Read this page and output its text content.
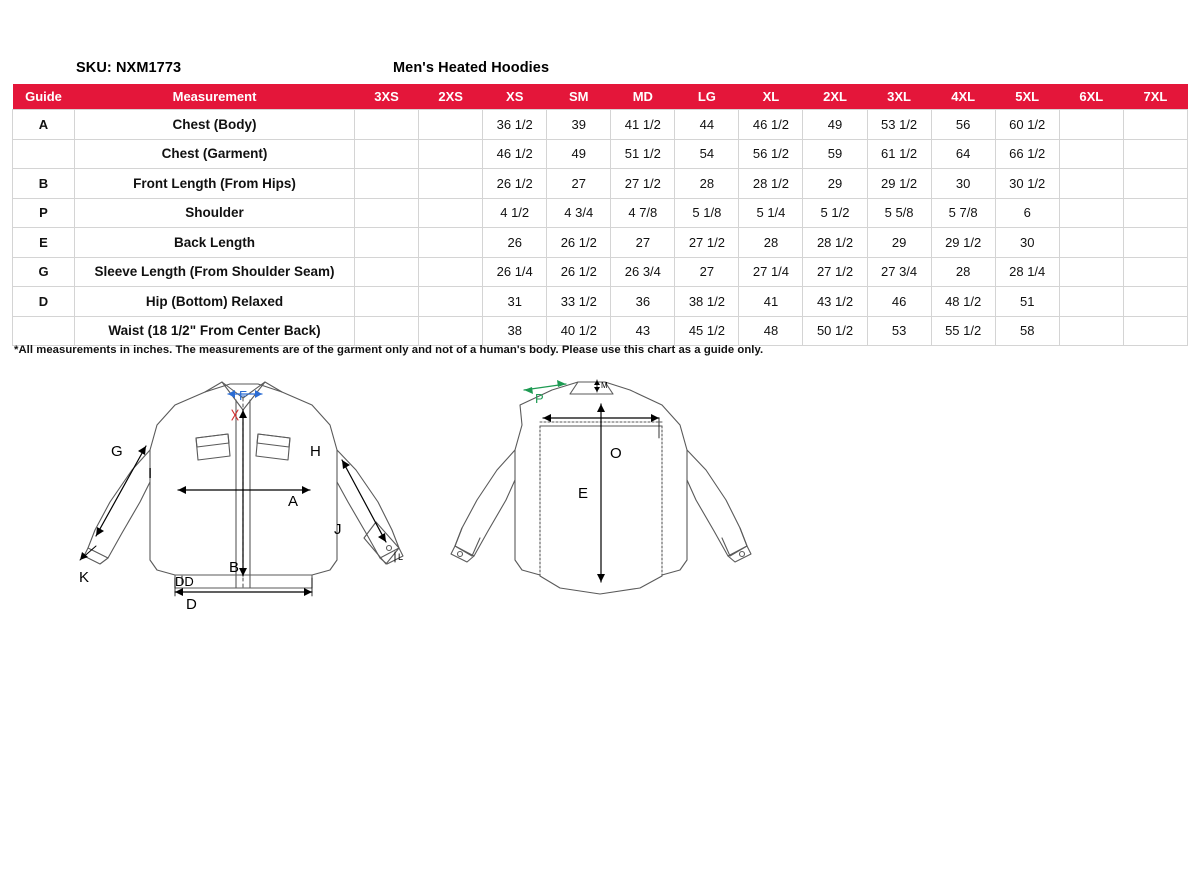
SKU: NXM1773	Men's Heated Hoodies
Guide	Measurement	3XS	2XS	XS	SM	MD	LG	XL	2XL	3XL	4XL	5XL	6XL	7XL
A	Chest (Body)			36 1/2	39	41 1/2	44	46 1/2	49	53 1/2	56	60 1/2		
	Chest (Garment)			46 1/2	49	51 1/2	54	56 1/2	59	61 1/2	64	66 1/2		
B	Front Length (From Hips)			26 1/2	27	27 1/2	28	28 1/2	29	29 1/2	30	30 1/2		
P	Shoulder			4 1/2	4 3/4	4 7/8	5 1/8	5 1/4	5 1/2	5 5/8	5 7/8	6		
E	Back Length			26	26 1/2	27	27 1/2	28	28 1/2	29	29 1/2	30		
G	Sleeve Length (From Shoulder Seam)			26 1/4	26 1/2	26 3/4	27	27 1/4	27 1/2	27 3/4	28	28 1/4		
D	Hip (Bottom) Relaxed			31	33 1/2	36	38 1/2	41	43 1/2	46	48 1/2	51		
	Waist (18 1/2" From Center Back)			38	40 1/2	43	45 1/2	48	50 1/2	53	55 1/2	58		
*All measurements in inches. The measurements are of the garment only and not of a human's body. Please use this chart as a guide only.
G
I
H
A
J
B
K	DD
D
F
L
P
M
O
E
